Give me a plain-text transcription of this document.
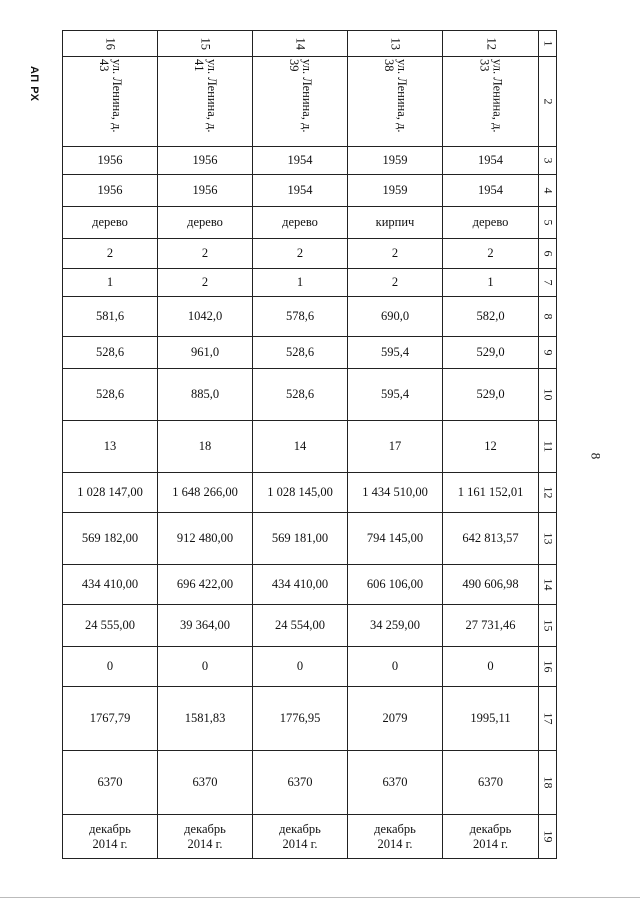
АП РХ
8
16	15	14	13	12	1

ул. Ленина, д. 43	ул. Ленина, д. 41	ул. Ленина, д. 39	ул. Ленина, д. 38	ул. Ленина, д. 33	2

1956	1956	1954	1959	1954	3

1956	1956	1954	1959	1954	4

дерево	дерево	дерево	кирпич	дерево	5

2	2	2	2	2	6

1	2	1	2	1	7

581,6	1042,0	578,6	690,0	582,0	8

528,6	961,0	528,6	595,4	529,0	9

528,6	885,0	528,6	595,4	529,0	10

13	18	14	17	12	11

1 028 147,00	1 648 266,00	1 028 145,00	1 434 510,00	1 161 152,01	12

569 182,00	912 480,00	569 181,00	794 145,00	642 813,57	13

434 410,00	696 422,00	434 410,00	606 106,00	490 606,98	14

24 555,00	39 364,00	24 554,00	34 259,00	27 731,46	15

0	0	0	0	0	16

1767,79	1581,83	1776,95	2079	1995,11	17

6370	6370	6370	6370	6370	18

декабрь 2014 г.	декабрь 2014 г.	декабрь 2014 г.	декабрь 2014 г.	декабрь 2014 г.	19
